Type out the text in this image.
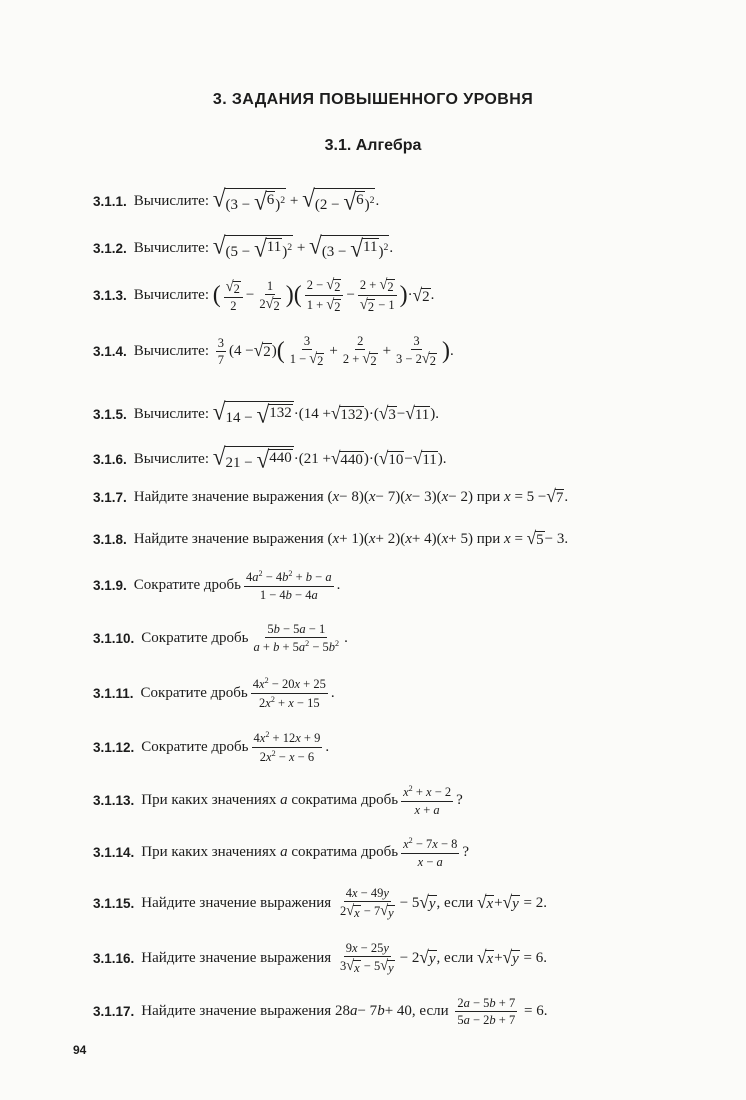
3. ЗАДАНИЯ ПОВЫШЕННОГО УРОВНЯ
3.1. Алгебра
3.1.1. Вычислите:
√ (3 − √ 6 )$^2$ + √ (2 − √ 6 )$^2$ .
3.1.2. Вычислите:
√ (5 − √ 11 )$^2$ + √ (3 − √ 11 )$^2$ .
3.1.3. Вычислите:
( $\frac{√ 2}{2} - \frac{1}{2 √ 2}$ ) ( $\frac{2 - √ 2}{1 + √ 2} - \frac{2 + √ 2}{√ 2 - 1}$ ) · √ 2 .
3.1.4. Вычислите:
$\frac{3}{7} (4$ − √ 2 ) ( $\frac{3}{1 - √ 2} + \frac{2}{2 + √ 2} + \frac{3}{3 - 2 √ 2}$ ) .
3.1.5. Вычислите:
√ 14 − √ 132 ·(14 + √ 132 )·( √ 3 − √ 11 ).
3.1.6. Вычислите:
√ 21 − √ 440 ·(21 + √ 440 )·( √ 10 − √ 11 ).
3.1.7. Найдите значение выражения ( x − 8)( x − 7)( x − 3)( x − 2) при
x = 5 − √ 7 .
3.1.8. Найдите значение выражения ( x + 1)( x + 2)( x + 4)( x + 5) при
x = √ 5 − 3.
3.1.9. Сократите дробь $\frac{4a^2 - 4b^2 + b - a}{1 - 4b - 4a}$ .
3.1.10. Сократите дробь $\frac{5b - 5a - 1}{a + b + 5a^2 - 5b^2}$ .
3.1.11. Сократите дробь $\frac{4x^2 - 20x + 25}{2x^2 + x - 15}$ .
3.1.12. Сократите дробь $\frac{4x^2 + 12x + 9}{2x^2 - x - 6}$ .
3.1.13. При каких значениях
a
сократима дробь $\frac{x^2 + x - 2}{x + a}$ ?
3.1.14. При каких значениях
a
сократима дробь $\frac{x^2 - 7x - 8}{x - a}$ ?
3.1.15. Найдите значение выражения
$\frac{4x - 49y}{2 √ x - 7 √ y} - 5$ √ y , если
√ x + √ y = 2.
3.1.16. Найдите значение выражения
$\frac{9x - 25y}{3 √ x - 5 √ y} - 2$ √ y , если
√ x + √ y = 6.
3.1.17. Найдите значение выражения 28 a − 7 b + 40, если
$\frac{2a - 5b + 7}{5a - 2b + 7} = 6$.
94
